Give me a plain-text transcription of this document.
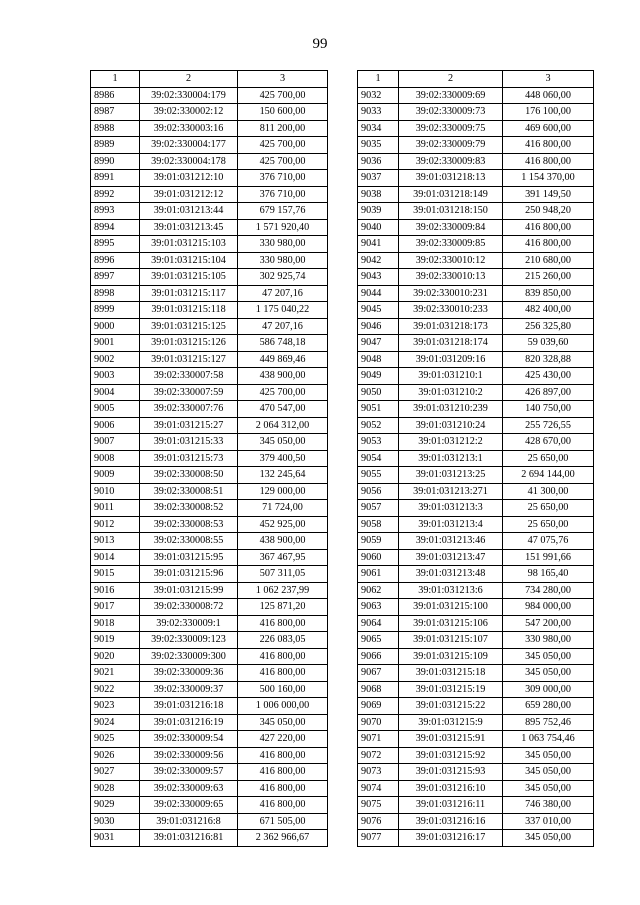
99
1	2	3
8986	39:02:330004:179	425 700,00
8987	39:02:330002:12	150 600,00
8988	39:02:330003:16	811 200,00
8989	39:02:330004:177	425 700,00
8990	39:02:330004:178	425 700,00
8991	39:01:031212:10	376 710,00
8992	39:01:031212:12	376 710,00
8993	39:01:031213:44	679 157,76
8994	39:01:031213:45	1 571 920,40
8995	39:01:031215:103	330 980,00
8996	39:01:031215:104	330 980,00
8997	39:01:031215:105	302 925,74
8998	39:01:031215:117	47 207,16
8999	39:01:031215:118	1 175 040,22
9000	39:01:031215:125	47 207,16
9001	39:01:031215:126	586 748,18
9002	39:01:031215:127	449 869,46
9003	39:02:330007:58	438 900,00
9004	39:02:330007:59	425 700,00
9005	39:02:330007:76	470 547,00
9006	39:01:031215:27	2 064 312,00
9007	39:01:031215:33	345 050,00
9008	39:01:031215:73	379 400,50
9009	39:02:330008:50	132 245,64
9010	39:02:330008:51	129 000,00
9011	39:02:330008:52	71 724,00
9012	39:02:330008:53	452 925,00
9013	39:02:330008:55	438 900,00
9014	39:01:031215:95	367 467,95
9015	39:01:031215:96	507 311,05
9016	39:01:031215:99	1 062 237,99
9017	39:02:330008:72	125 871,20
9018	39:02:330009:1	416 800,00
9019	39:02:330009:123	226 083,05
9020	39:02:330009:300	416 800,00
9021	39:02:330009:36	416 800,00
9022	39:02:330009:37	500 160,00
9023	39:01:031216:18	1 006 000,00
9024	39:01:031216:19	345 050,00
9025	39:02:330009:54	427 220,00
9026	39:02:330009:56	416 800,00
9027	39:02:330009:57	416 800,00
9028	39:02:330009:63	416 800,00
9029	39:02:330009:65	416 800,00
9030	39:01:031216:8	671 505,00
9031	39:01:031216:81	2 362 966,67
1	2	3
9032	39:02:330009:69	448 060,00
9033	39:02:330009:73	176 100,00
9034	39:02:330009:75	469 600,00
9035	39:02:330009:79	416 800,00
9036	39:02:330009:83	416 800,00
9037	39:01:031218:13	1 154 370,00
9038	39:01:031218:149	391 149,50
9039	39:01:031218:150	250 948,20
9040	39:02:330009:84	416 800,00
9041	39:02:330009:85	416 800,00
9042	39:02:330010:12	210 680,00
9043	39:02:330010:13	215 260,00
9044	39:02:330010:231	839 850,00
9045	39:02:330010:233	482 400,00
9046	39:01:031218:173	256 325,80
9047	39:01:031218:174	59 039,60
9048	39:01:031209:16	820 328,88
9049	39:01:031210:1	425 430,00
9050	39:01:031210:2	426 897,00
9051	39:01:031210:239	140 750,00
9052	39:01:031210:24	255 726,55
9053	39:01:031212:2	428 670,00
9054	39:01:031213:1	25 650,00
9055	39:01:031213:25	2 694 144,00
9056	39:01:031213:271	41 300,00
9057	39:01:031213:3	25 650,00
9058	39:01:031213:4	25 650,00
9059	39:01:031213:46	47 075,76
9060	39:01:031213:47	151 991,66
9061	39:01:031213:48	98 165,40
9062	39:01:031213:6	734 280,00
9063	39:01:031215:100	984 000,00
9064	39:01:031215:106	547 200,00
9065	39:01:031215:107	330 980,00
9066	39:01:031215:109	345 050,00
9067	39:01:031215:18	345 050,00
9068	39:01:031215:19	309 000,00
9069	39:01:031215:22	659 280,00
9070	39:01:031215:9	895 752,46
9071	39:01:031215:91	1 063 754,46
9072	39:01:031215:92	345 050,00
9073	39:01:031215:93	345 050,00
9074	39:01:031216:10	345 050,00
9075	39:01:031216:11	746 380,00
9076	39:01:031216:16	337 010,00
9077	39:01:031216:17	345 050,00
